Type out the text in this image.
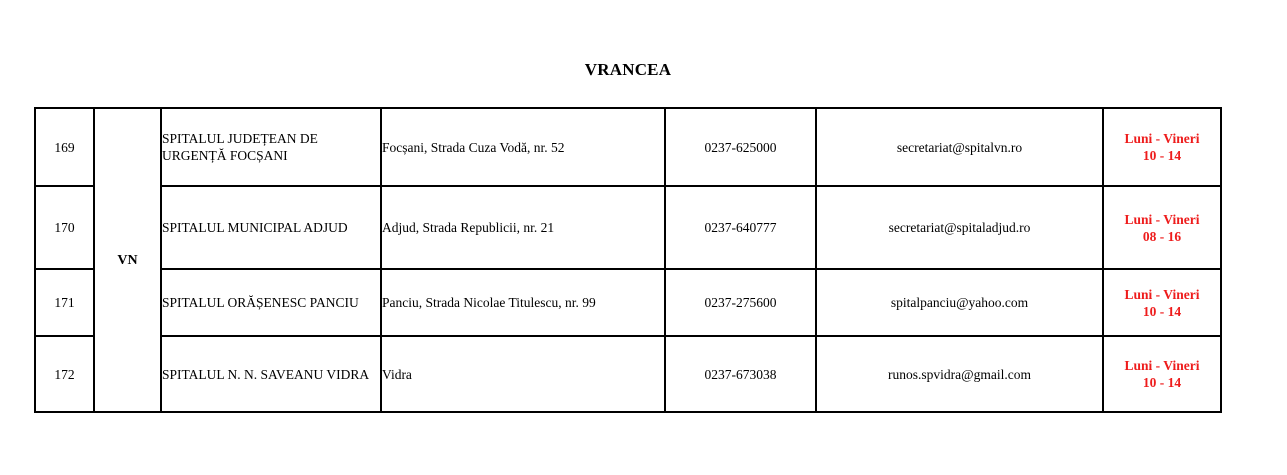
VRANCEA
169	VN	SPITALUL JUDEȚEAN DE URGENȚĂ FOCȘANI	Focșani, Strada Cuza Vodă, nr. 52	0237-625000	secretariat@spitalvn.ro	Luni - Vineri
10 - 14

170		SPITALUL MUNICIPAL ADJUD	Adjud, Strada Republicii, nr. 21	0237-640777	secretariat@spitaladjud.ro	Luni - Vineri
08 - 16

171		SPITALUL ORĂȘENESC PANCIU	Panciu, Strada Nicolae Titulescu, nr. 99	0237-275600	spitalpanciu@yahoo.com	Luni - Vineri
10 - 14

172		SPITALUL N. N. SAVEANU VIDRA	Vidra	0237-673038	runos.spvidra@gmail.com	Luni - Vineri
10 - 14
